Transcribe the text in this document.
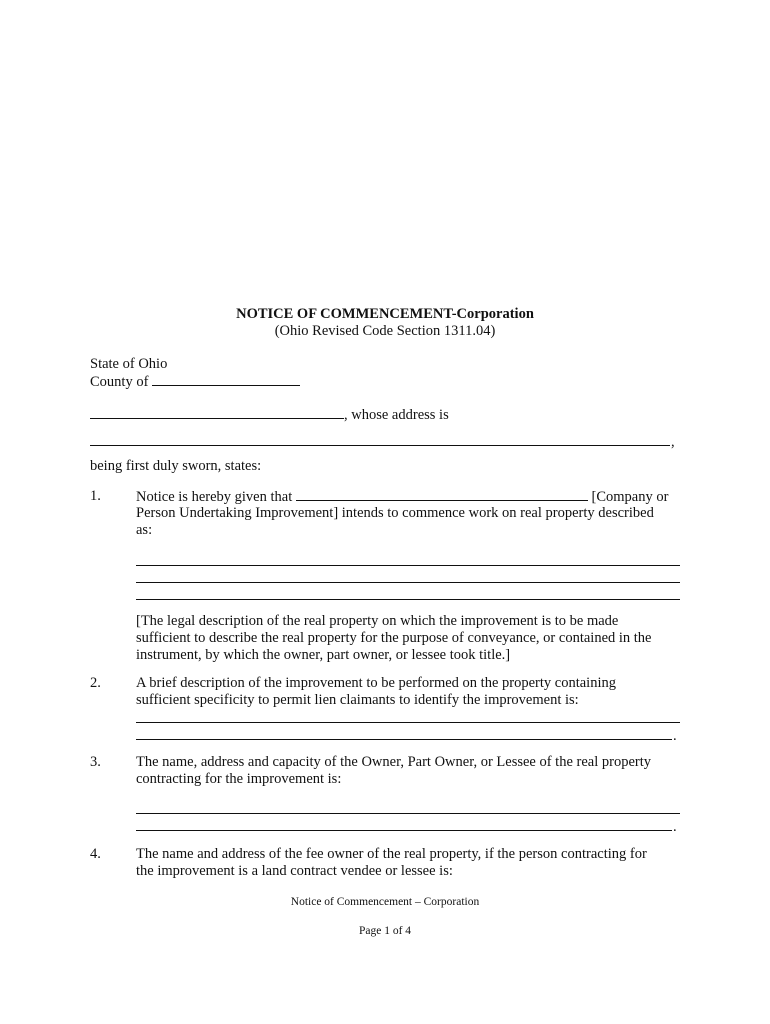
NOTICE OF COMMENCEMENT-Corporation
(Ohio Revised Code Section 1311.04)
State of Ohio
County of
, whose address is
,
being first duly sworn, states:
1. Notice is hereby given that	[Company or
Person Undertaking Improvement] intends to commence work on real property described
as:
[The legal description of the real property on which the improvement is to be made
sufficient to describe the real property for the purpose of conveyance, or contained in the
instrument, by which the owner, part owner, or lessee took title.]
2. A brief description of the improvement to be performed on the property containing
sufficient specificity to permit lien claimants to identify the improvement is:
.
3. The name, address and capacity of the Owner, Part Owner, or Lessee of the real property
contracting for the improvement is:
.
4. The name and address of the fee owner of the real property, if the person contracting for
the improvement is a land contract vendee or lessee is:
Notice of Commencement – Corporation
Page 1 of 4
